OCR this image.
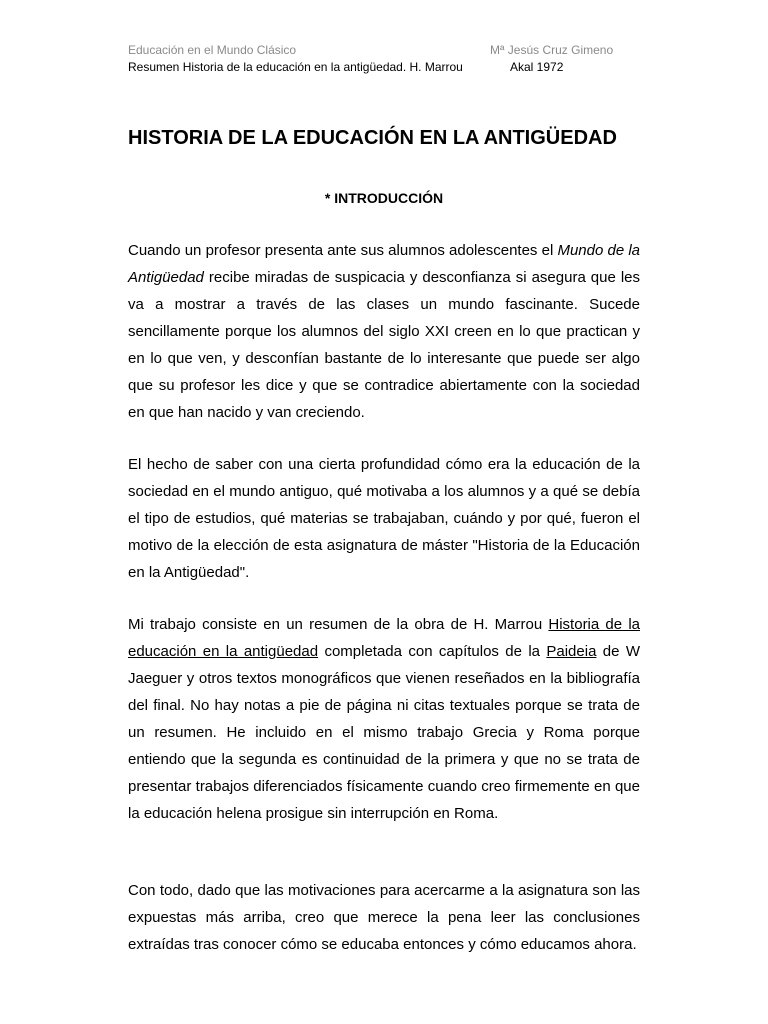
Educación en el Mundo Clásico	Mª Jesús Cruz Gimeno
Resumen Historia de la educación en la antigüedad. H. Marrou	Akal 1972
HISTORIA DE LA EDUCACIÓN EN LA ANTIGÜEDAD
* INTRODUCCIÓN

Cuando un profesor presenta ante sus alumnos adolescentes el Mundo de la Antigüedad recibe miradas de suspicacia y desconfianza si asegura que les va a mostrar a través de las clases un mundo fascinante. Sucede sencillamente porque los alumnos del siglo XXI creen en lo que practican y en lo que ven, y desconfían bastante de lo interesante que puede ser algo que su profesor les dice y que se contradice abiertamente con la sociedad en que han nacido y van creciendo.

El hecho de saber con una cierta profundidad cómo era la educación de la sociedad en el mundo antiguo, qué motivaba a los alumnos y a qué se debía el tipo de estudios, qué materias se trabajaban, cuándo y por qué, fueron el motivo de la elección de esta asignatura de máster "Historia de la Educación en la Antigüedad".

Mi trabajo consiste en un resumen de la obra de H. Marrou Historia de la educación en la antigüedad completada con capítulos de la Paideia de W Jaeguer y otros textos monográficos que vienen reseñados en la bibliografía del final. No hay notas a pie de página ni citas textuales porque se trata de un resumen. He incluido en el mismo trabajo Grecia y Roma porque entiendo que la segunda es continuidad de la primera y que no se trata de presentar trabajos diferenciados físicamente cuando creo firmemente en que la educación helena prosigue sin interrupción en Roma.

Con todo, dado que las motivaciones para acercarme a la asignatura son las expuestas más arriba, creo que merece la pena leer las conclusiones extraídas tras conocer cómo se educaba entonces y cómo educamos ahora.
